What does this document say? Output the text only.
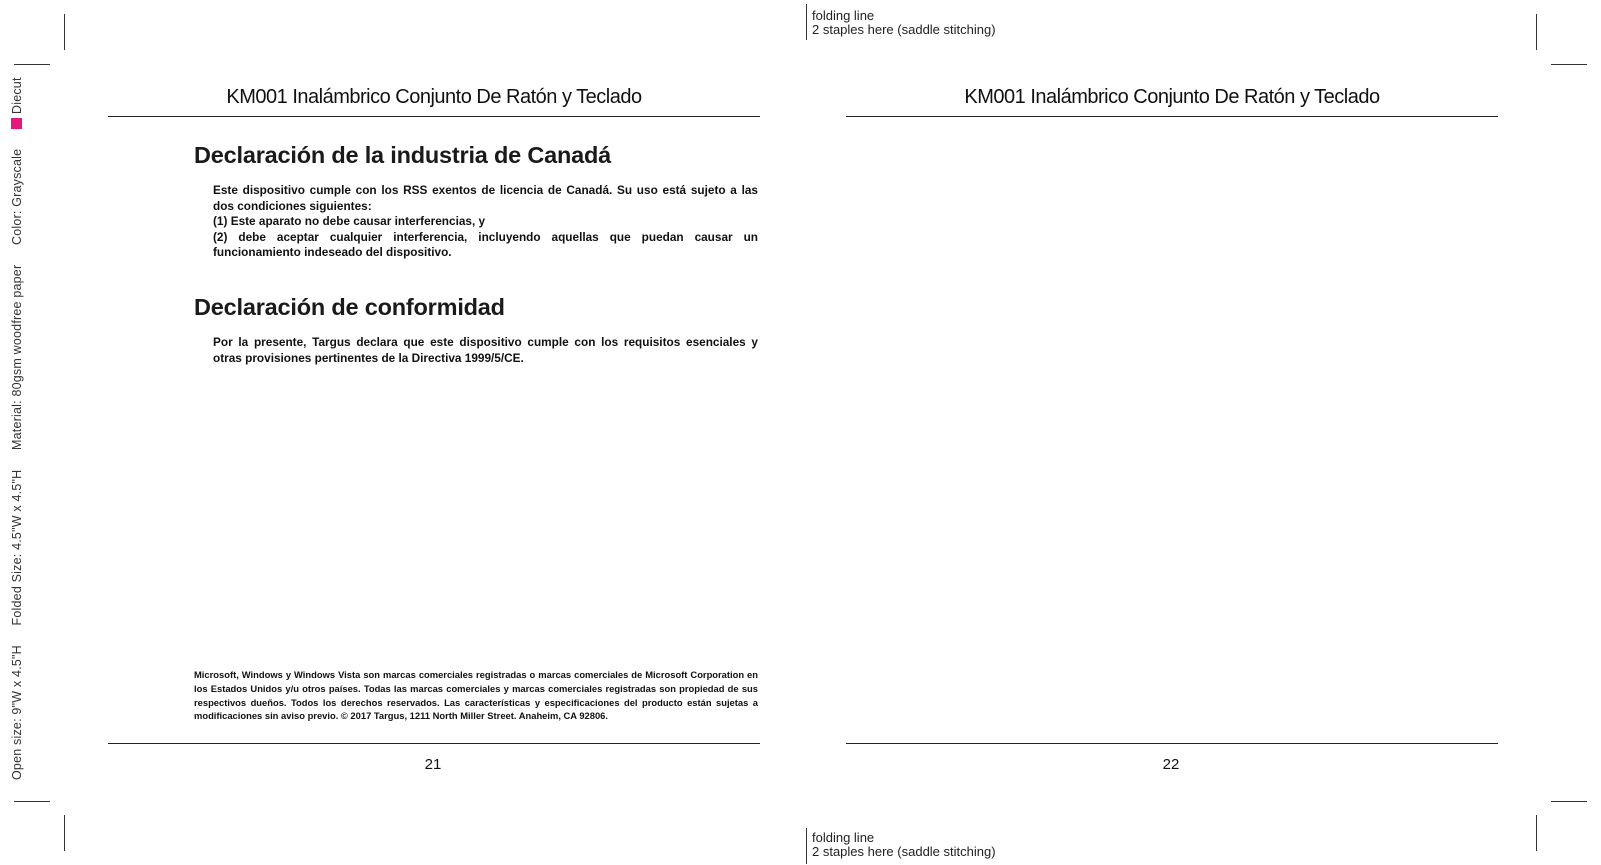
folding line
2 staples here (saddle stitching)
folding line
2 staples here (saddle stitching)
Open size: 9"W x 4.5"H Folded Size: 4.5"W x 4.5"H Material: 80gsm woodfree paper Color: Grayscale Diecut	KM001 Inalámbrico Conjunto De Ratón y Teclado
Declaración de la industria de Canadá

Este dispositivo cumple con los RSS exentos de licencia de Canadá. Su uso está sujeto a las dos condiciones siguientes:

(1) Este aparato no debe causar interferencias, y

(2) debe aceptar cualquier interferencia, incluyendo aquellas que puedan causar un funcionamiento indeseado del dispositivo.

Declaración de conformidad

Por la presente, Targus declara que este dispositivo cumple con los requisitos esenciales y otras provisiones pertinentes de la Directiva 1999/5/CE.

Microsoft, Windows y Windows Vista son marcas comerciales registradas o marcas comerciales de Microsoft Corporation en los Estados Unidos y/u otros países. Todas las marcas comerciales y marcas comerciales registradas son propiedad de sus respectivos dueños. Todos los derechos reservados. Las características y especificaciones del producto están sujetas a modificaciones sin aviso previo. © 2017 Targus, 1211 North Miller Street. Anaheim, CA 92806.
21
KM001 Inalámbrico Conjunto De Ratón y Teclado
22
